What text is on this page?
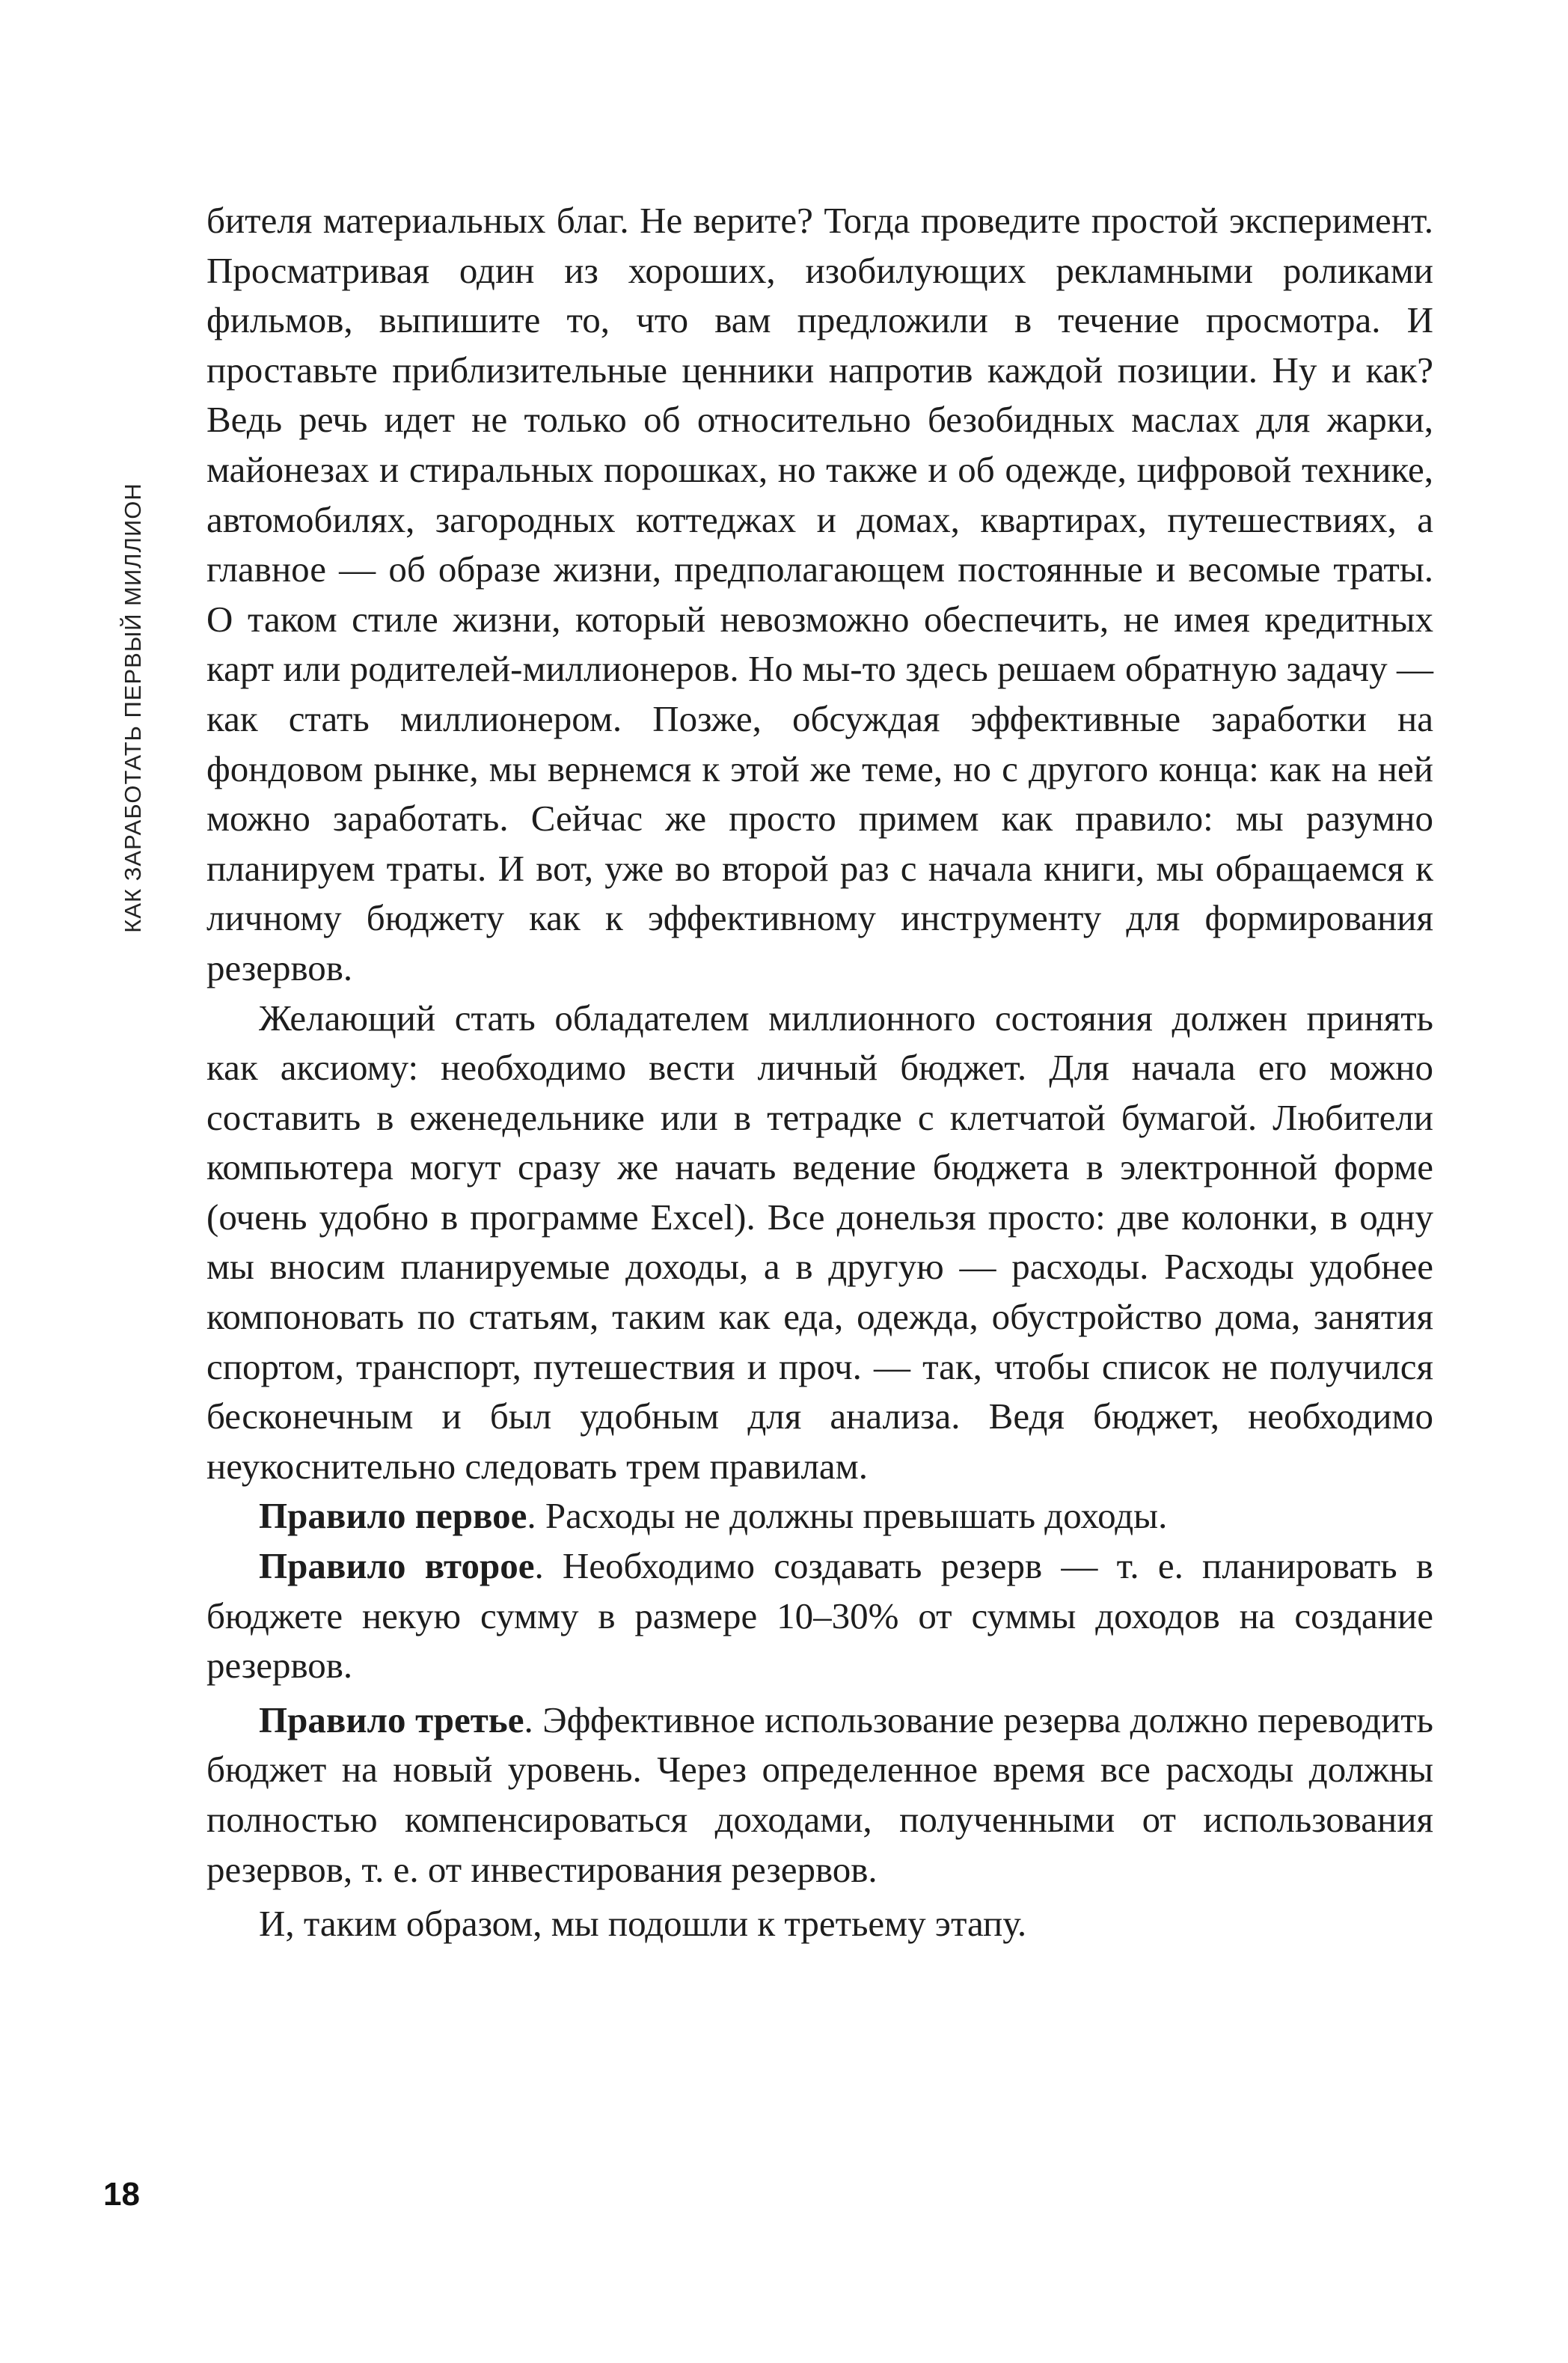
КАК ЗАРАБОТАТЬ ПЕРВЫЙ МИЛЛИОН

бителя материальных благ. Не верите? Тогда проведите простой эксперимент. Просматривая один из хороших, изобилующих рекламными роликами фильмов, выпишите то, что вам предложили в течение просмотра. И проставьте приблизительные ценники напротив каждой позиции. Ну и как? Ведь речь идет не только об относительно безобидных маслах для жарки, майонезах и стиральных порошках, но также и об одежде, цифровой технике, автомобилях, загородных коттеджах и домах, квартирах, путешествиях, а главное — об образе жизни, предполагающем постоянные и весомые траты. О таком стиле жизни, который невозможно обеспечить, не имея кредитных карт или родителей-миллионеров. Но мы-то здесь решаем обратную задачу — как стать миллионером. Позже, обсуждая эффективные заработки на фондовом рынке, мы вернемся к этой же теме, но с другого конца: как на ней можно заработать. Сейчас же просто примем как правило: мы разумно планируем траты. И вот, уже во второй раз с начала книги, мы обращаемся к личному бюджету как к эффективному инструменту для формирования резервов.

Желающий стать обладателем миллионного состояния должен принять как аксиому: необходимо вести личный бюджет. Для начала его можно составить в еженедельнике или в тетрадке с клетчатой бумагой. Любители компьютера могут сразу же начать ведение бюджета в электронной форме (очень удобно в программе Excel). Все донельзя просто: две колонки, в одну мы вносим планируемые доходы, а в другую — расходы. Расходы удобнее компоновать по статьям, таким как еда, одежда, обустройство дома, занятия спортом, транспорт, путешествия и проч. — так, чтобы список не получился бесконечным и был удобным для анализа. Ведя бюджет, необходимо неукоснительно следовать трем правилам.

Правило первое. Расходы не должны превышать доходы.

Правило второе. Необходимо создавать резерв — т. е. планировать в бюджете некую сумму в размере 10–30% от суммы доходов на создание резервов.

Правило третье. Эффективное использование резерва должно переводить бюджет на новый уровень. Через определенное время все расходы должны полностью компенсироваться доходами, полученными от использования резервов, т. е. от инвестирования резервов.

И, таким образом, мы подошли к третьему этапу.

18
